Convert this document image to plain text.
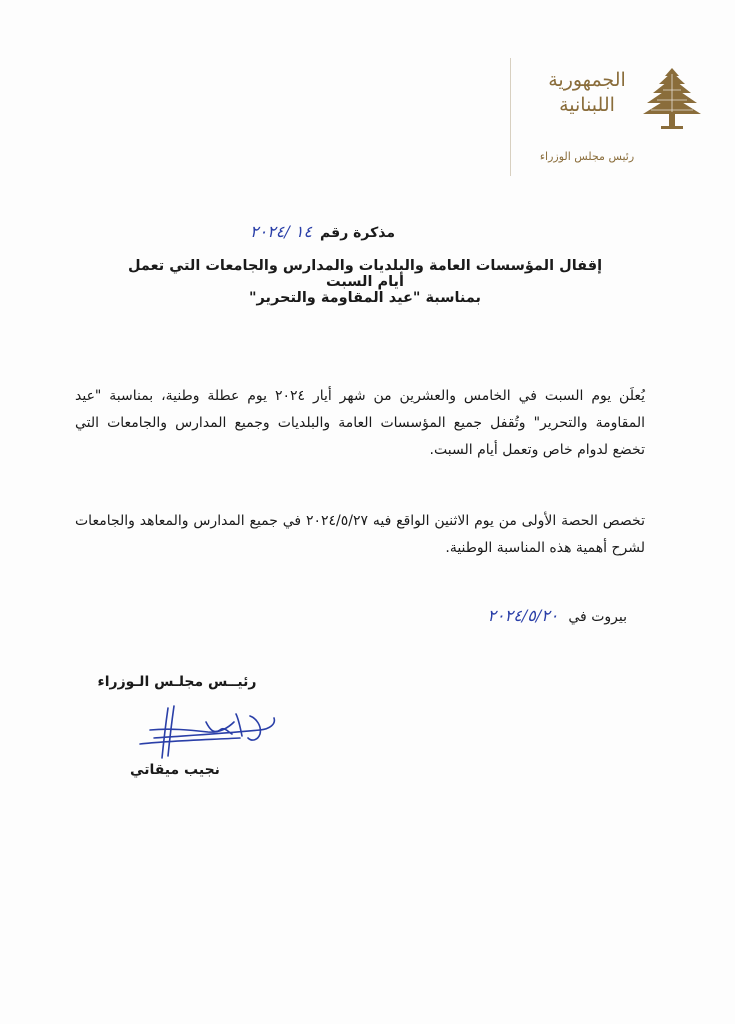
الجمهورية
اللبنانية
رئيس مجلس الوزراء
مذكرة رقم
١٤ /٢٠٢٤
إقفال المؤسسات العامة والبلديات والمدارس والجامعات التي تعمل أيام السبت
بمناسبة "عيد المقاومة والتحرير"
يُعلَن يوم السبت في الخامس والعشرين من شهر أيار ٢٠٢٤ يوم عطلة وطنية، بمناسبة "عيد المقاومة والتحرير" وتُقفل جميع المؤسسات العامة والبلديات وجميع المدارس والجامعات التي تخضع لدوام خاص وتعمل أيام السبت.
تخصص الحصة الأولى من يوم الاثنين الواقع فيه ٢٠٢٤/٥/٢٧ في جميع المدارس والمعاهد والجامعات لشرح أهمية هذه المناسبة الوطنية.
بيروت في
٢٠٢٤/٥/٢٠
رئيــس مجلـس الـوزراء
نجيب ميقاتي
